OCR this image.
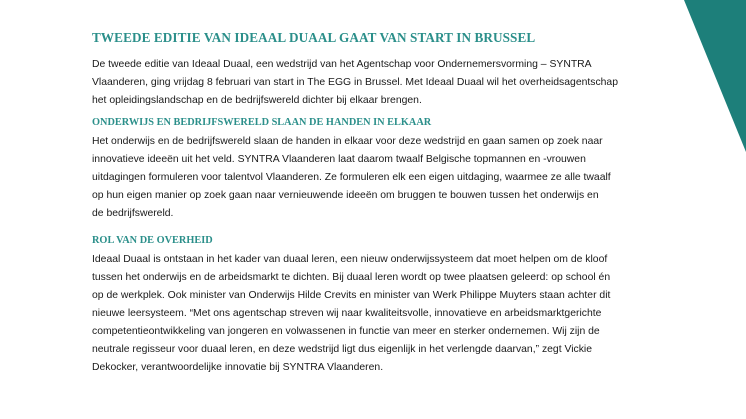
TWEEDE EDITIE VAN IDEAAL DUAAL GAAT VAN START IN BRUSSEL

De tweede editie van Ideaal Duaal, een wedstrijd van het Agentschap voor Ondernemersvorming – SYNTRA
Vlaanderen, ging vrijdag 8 februari van start in The EGG in Brussel. Met Ideaal Duaal wil het overheidsagentschap
het opleidingslandschap en de bedrijfswereld dichter bij elkaar brengen.

ONDERWIJS EN BEDRIJFSWERELD SLAAN DE HANDEN IN ELKAAR

Het onderwijs en de bedrijfswereld slaan de handen in elkaar voor deze wedstrijd en gaan samen op zoek naar
innovatieve ideeën uit het veld. SYNTRA Vlaanderen laat daarom twaalf Belgische topmannen en -vrouwen
uitdagingen formuleren voor talentvol Vlaanderen. Ze formuleren elk een eigen uitdaging, waarmee ze alle twaalf
op hun eigen manier op zoek gaan naar vernieuwende ideeën om bruggen te bouwen tussen het onderwijs en
de bedrijfswereld.

ROL VAN DE OVERHEID

Ideaal Duaal is ontstaan in het kader van duaal leren, een nieuw onderwijssysteem dat moet helpen om de kloof
tussen het onderwijs en de arbeidsmarkt te dichten. Bij duaal leren wordt op twee plaatsen geleerd: op school én
op de werkplek. Ook minister van Onderwijs Hilde Crevits en minister van Werk Philippe Muyters staan achter dit
nieuwe leersysteem. “Met ons agentschap streven wij naar kwaliteitsvolle, innovatieve en arbeidsmarktgerichte
competentieontwikkeling van jongeren en volwassenen in functie van meer en sterker ondernemen. Wij zijn de
neutrale regisseur voor duaal leren, en deze wedstrijd ligt dus eigenlijk in het verlengde daarvan,” zegt Vickie
Dekocker, verantwoordelijke innovatie bij SYNTRA Vlaanderen.
